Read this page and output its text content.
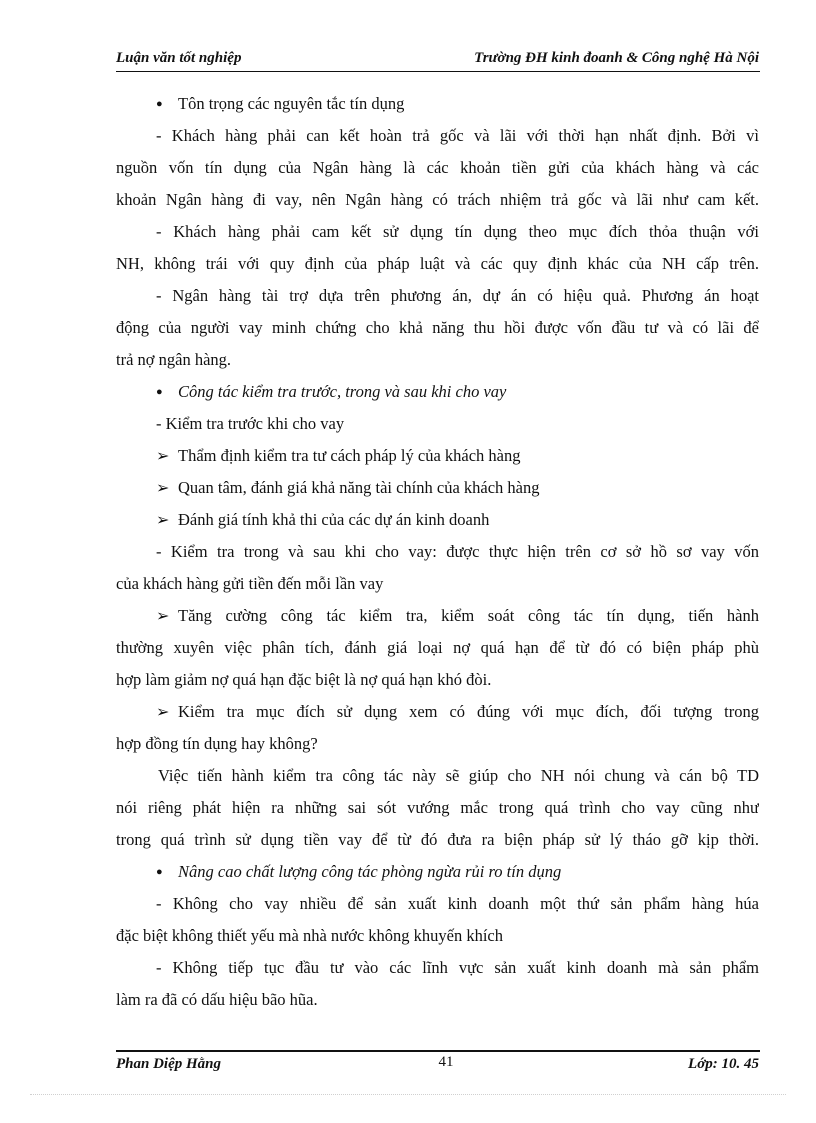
Luận văn tốt nghiệp	Trường ĐH kinh đoanh & Công nghệ Hà Nội
● Tôn trọng các nguyên tắc tín dụng
- Khách hàng phải can kết hoàn trả gốc và lãi với thời hạn nhất định. Bởi vì
nguồn vốn tín dụng của Ngân hàng là các khoản tiền gửi của khách hàng và các
khoản Ngân hàng đi vay, nên Ngân hàng có trách nhiệm trả gốc và lãi như cam kết.
- Khách hàng phải cam kết sử dụng tín dụng theo mục đích thỏa thuận với
NH, không trái với quy định của pháp luật và các quy định khác của NH cấp trên.
- Ngân hàng tài trợ dựa trên phương án, dự án có hiệu quả. Phương án hoạt
động của người vay minh chứng cho khả năng thu hồi được vốn đầu tư và có lãi để
trả nợ ngân hàng.
● Công tác kiểm tra trước, trong và sau khi cho vay
- Kiểm tra trước khi cho vay
➢ Thẩm định kiểm tra tư cách pháp lý của khách hàng
➢ Quan tâm, đánh giá khả năng tài chính của khách hàng
➢ Đánh giá tính khả thi của các dự án kinh doanh
- Kiểm tra trong và sau khi cho vay: được thực hiện trên cơ sở hồ sơ vay vốn
của khách hàng gửi tiền đến mỗi lần vay
➢ Tăng cường công tác kiểm tra, kiểm soát công tác tín dụng, tiến hành
thường xuyên việc phân tích, đánh giá loại nợ quá hạn để từ đó có biện pháp phù
hợp làm giảm nợ quá hạn đặc biệt là nợ quá hạn khó đòi.
➢ Kiểm tra mục đích sử dụng xem có đúng với mục đích, đối tượng trong
hợp đồng tín dụng hay không?
Việc tiến hành kiểm tra công tác này sẽ giúp cho NH nói chung và cán bộ TD
nói riêng phát hiện ra những sai sót vướng mắc trong quá trình cho vay cũng như
trong quá trình sử dụng tiền vay để từ đó đưa ra biện pháp sử lý tháo gỡ kịp thời.
● Nâng cao chất lượng công tác phòng ngừa rủi ro tín dụng
- Không cho vay nhiều để sản xuất kinh doanh một thứ sản phẩm hàng húa
đặc biệt không thiết yếu mà nhà nước không khuyến khích
- Không tiếp tục đầu tư vào các lĩnh vực sản xuất kinh doanh mà sản phẩm
làm ra đã có dấu hiệu bão hũa.
Phan Diệp Hằng	41	Lớp: 10. 45
